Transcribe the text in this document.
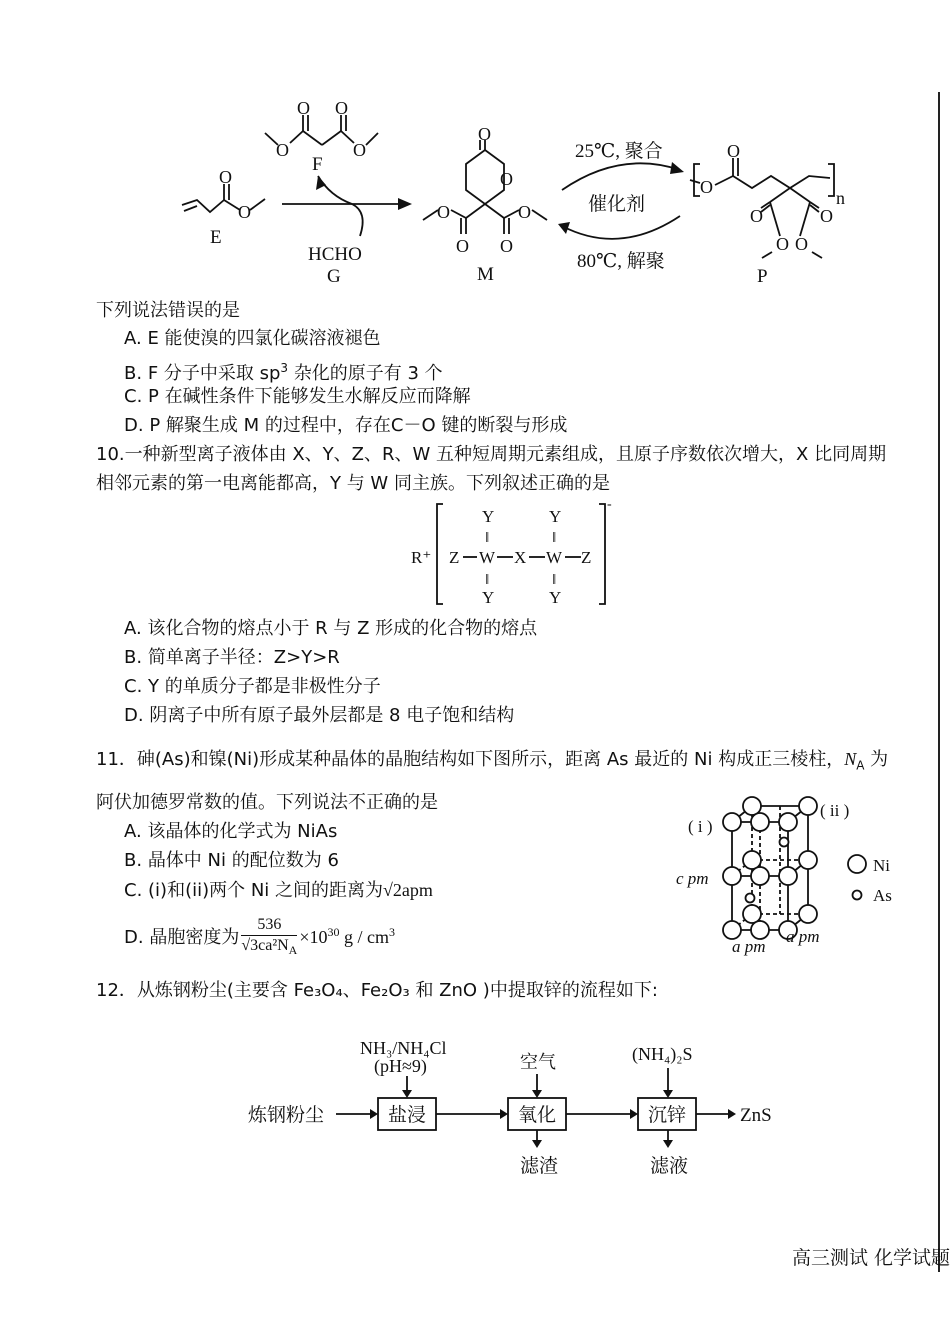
O
O
E
O O
O	O
F
HCHO
G
O
O
O	O
O O
M
25℃, 聚合
催化剂
80℃, 解聚
O
O
O	O
O O
n
P
下列说法错误的是
A. E 能使溴的四氯化碳溶液褪色
B. F 分子中采取 $sp^3$ 杂化的原子有 3 个
C. P 在碱性条件下能够发生水解反应而降解
D. P 解聚生成 M 的过程中，存在C－O 键的断裂与形成
10.一种新型离子液体由 X、Y、Z、R、W 五种短周期元素组成，且原子序数依次增大，X 比同周期
相邻元素的第一电离能都高，Y 与 W 同主族。下列叙述正确的是
R⁺
-
Z W X W Z
Y
‖
‖
Y
Y
‖
‖
Y
A. 该化合物的熔点小于 R 与 Z 形成的化合物的熔点
B. 简单离子半径：Z>Y>R
C. Y 的单质分子都是非极性分子
D. 阴离子中所有原子最外层都是 8 电子饱和结构
11．砷(As)和镍(Ni)形成某种晶体的晶胞结构如下图所示，距离 As 最近的 Ni 构成正三棱柱，$N_A$ 为
阿伏加德罗常数的值。下列说法不正确的是
A. 该晶体的化学式为 NiAs
B. 晶体中 Ni 的配位数为 6
C. (i)和(ii)两个 Ni 之间的距离为√2apm
D. 晶胞密度为 $\frac{536}{√3ca^2N_A} \times 10^{30}$ g / $cm^3$
( i )
( ii )
c pm
a pm
a pm
Ni
As
12．从炼钢粉尘(主要含 Fe₃O₄、Fe₂O₃ 和 ZnO )中提取锌的流程如下:
NH₃/NH₄Cl
(pH≈9)	空气	(NH₄)₂S
炼钢粉尘	盐浸	氧化
滤渣
沉锌
滤液
ZnS
高三测试 化学试题
